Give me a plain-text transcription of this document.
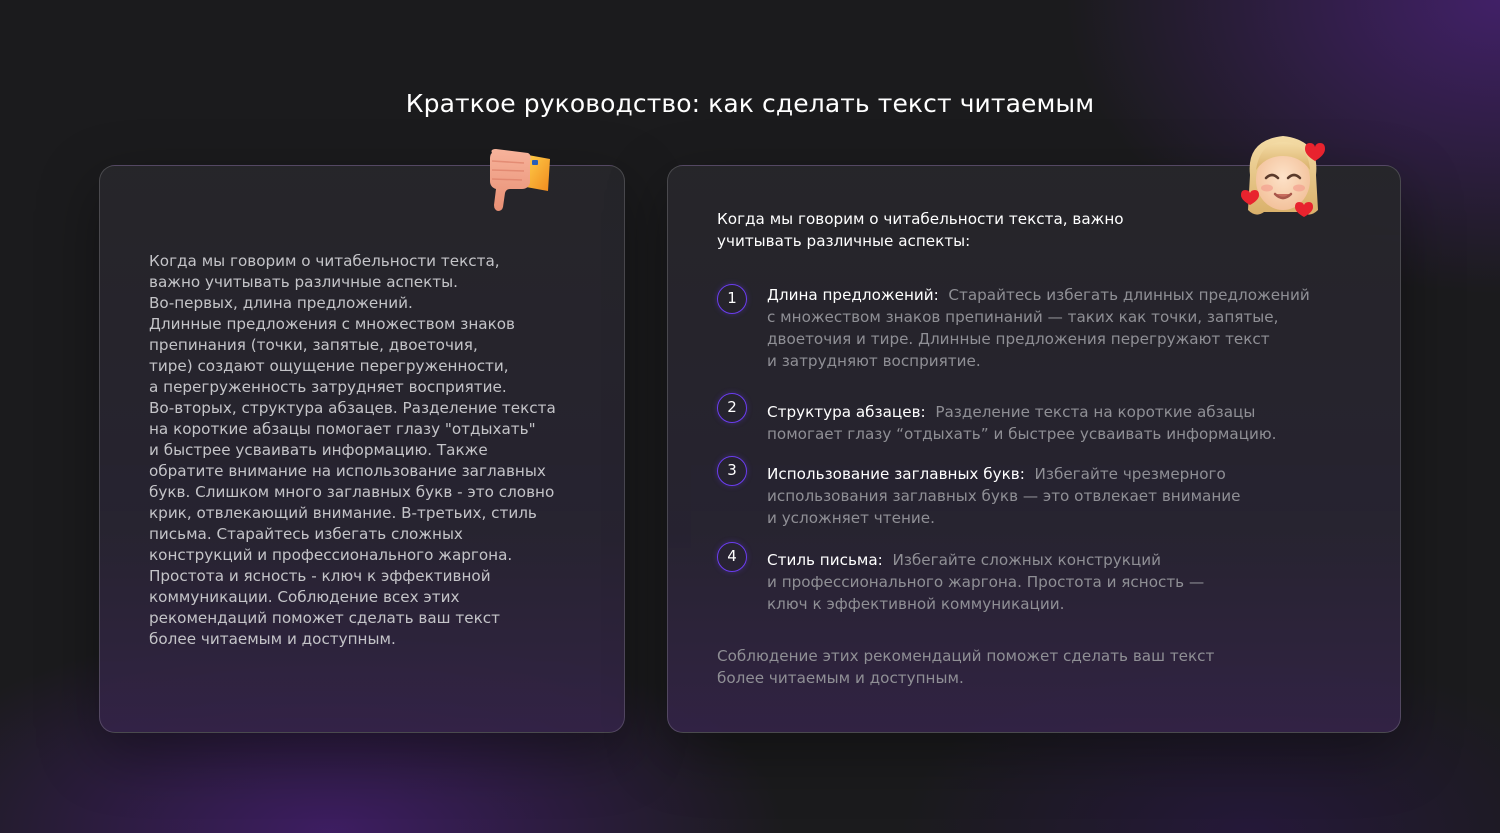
Краткое руководство: как сделать текст читаемым

Когда мы говорим о читабельности текста,
важно учитывать различные аспекты.
Во-первых, длина предложений.
Длинные предложения с множеством знаков
препинания (точки, запятые, двоеточия,
тире) создают ощущение перегруженности,
а перегруженность затрудняет восприятие.
Во-вторых, структура абзацев. Разделение текста
на короткие абзацы помогает глазу "отдыхать"
и быстрее усваивать информацию. Также
обратите внимание на использование заглавных
букв. Слишком много заглавных букв - это словно
крик, отвлекающий внимание. В-третьих, стиль
письма. Старайтесь избегать сложных
конструкций и профессионального жаргона.
Простота и ясность - ключ к эффективной
коммуникации. Соблюдение всех этих
рекомендаций поможет сделать ваш текст
более читаемым и доступным.

Когда мы говорим о читабельности текста, важно
учитывать различные аспекты:

1	Длина предложений: Старайтесь избегать длинных предложений
с множеством знаков препинаний — таких как точки, запятые,
двоеточия и тире. Длинные предложения перегружают текст
и затрудняют восприятие.

2	Структура абзацев: Разделение текста на короткие абзацы
помогает глазу “отдыхать” и быстрее усваивать информацию.

3	Использование заглавных букв: Избегайте чрезмерного
использования заглавных букв — это отвлекает внимание
и усложняет чтение.

4	Стиль письма: Избегайте сложных конструкций
и профессионального жаргона. Простота и ясность —
ключ к эффективной коммуникации.

Соблюдение этих рекомендаций поможет сделать ваш текст
более читаемым и доступным.
